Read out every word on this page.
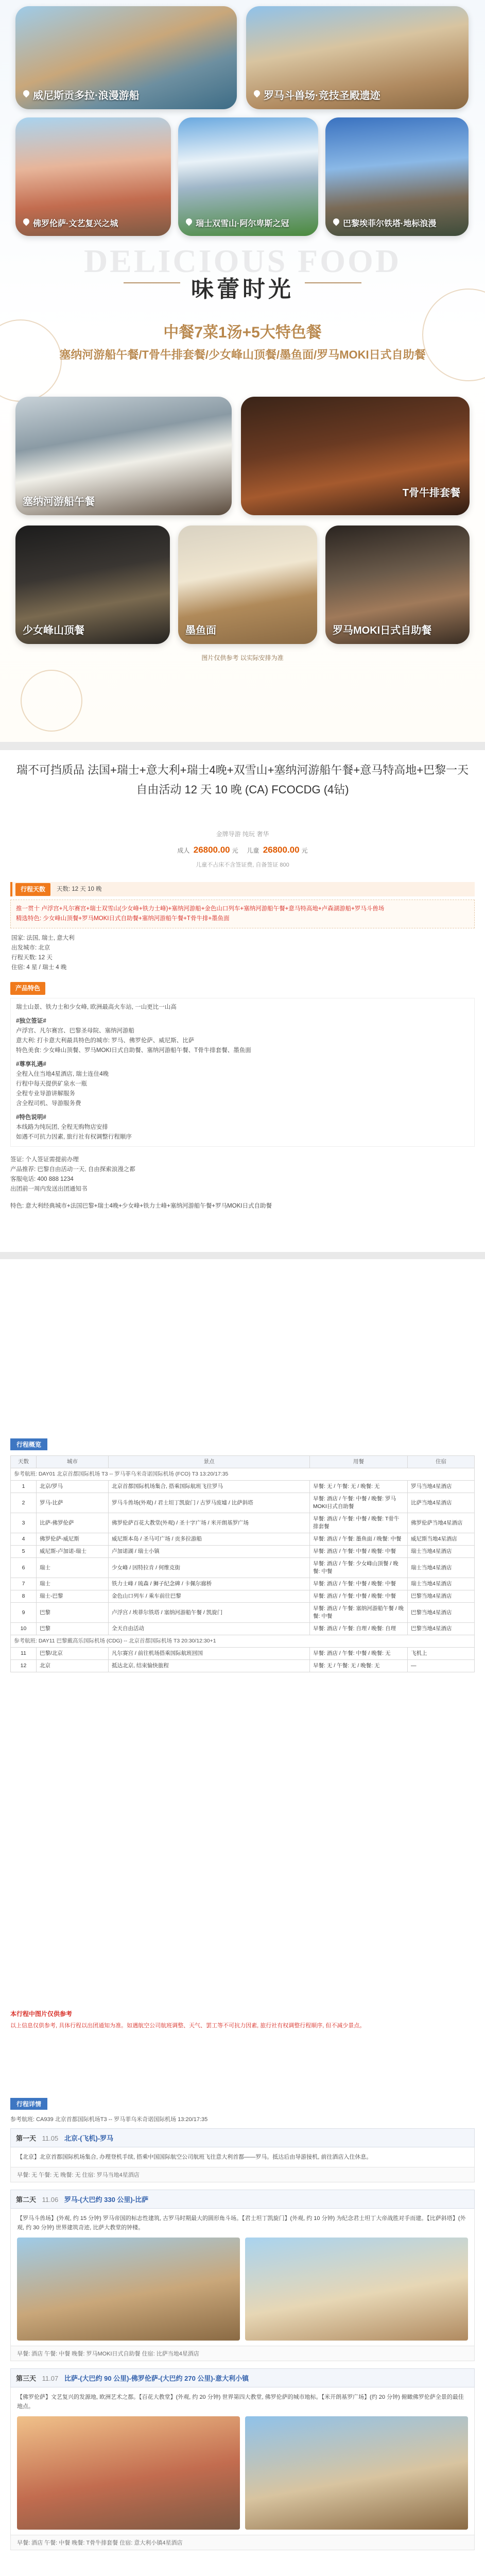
威尼斯贡多拉·浪漫游船	罗马斗兽场·竞技圣殿遗迹
佛罗伦萨·文艺复兴之城	瑞士双雪山·阿尔卑斯之冠	巴黎埃菲尔铁塔·地标浪漫
DELICIOUS FOOD
味蕾时光
中餐7菜1汤+5大特色餐
塞纳河游船午餐/T骨牛排套餐/少女峰山顶餐/墨鱼面/罗马MOKI日式自助餐
塞纳河游船午餐
T骨牛排套餐
少女峰山顶餐	墨鱼面	罗马MOKI日式自助餐
图片仅供参考 以实际安排为准
瑞不可挡质品 法国+瑞士+意大利+瑞士4晚+双雪山+塞纳河游船午餐+意马特高地+巴黎一天自由活动 12 天 10 晚 (CA) FCOCDG (4钻)
金牌导游 纯玩 奢华
成人 26800.00 元 儿童 26800.00 元
儿童不占床不含签证费, 自备签证 800
行程天数	天数: 12 天 10 晚
推一贯十 卢浮宫+凡尔赛宫+瑞士双雪山(少女峰+铁力士峰)+塞纳河游船+金色山口列车+塞纳河游船午餐+意马特高地+卢森湖游船+罗马斗兽场
精选特色: 少女峰山顶餐+罗马MOKI日式自助餐+塞纳河游船午餐+T骨牛排+墨鱼面
国家: 法国, 瑞士, 意大利
出发城市: 北京
行程天数: 12 天
住宿: 4 星 / 瑞士 4 晚
产品特色
瑞士山景、铁力士和少女峰, 欧洲最高火车站, 一山更比一山高
#独立签证#
卢浮宫、凡尔赛宫、巴黎圣母院、塞纳河游船
意大利: 打卡意大利最具特色的城市: 罗马、佛罗伦萨、威尼斯、比萨
特色美食: 少女峰山顶餐、罗马MOKI日式自助餐、塞纳河游船午餐、T骨牛排套餐、墨鱼面
#尊享礼遇#
全程入住当地4星酒店, 瑞士连住4晚
行程中每天提供矿泉水一瓶
全程专业导游讲解服务
含全程司机、导游服务费
#特色说明#
本线路为纯玩团, 全程无购物店安排
如遇不可抗力因素, 旅行社有权调整行程顺序
签证: 个人签证需提前办理
产品推荐: 巴黎自由活动一天, 自由探索浪漫之都
客服电话: 400 888 1234
出团前一周内发送出团通知书
特色: 意大利经典城市+法国巴黎+瑞士4晚+少女峰+铁力士峰+塞纳河游船午餐+罗马MOKI日式自助餐
行程概览
天数	城市	景点	用餐	住宿
参考航班: DAY01 北京首都国际机场 T3 -- 罗马菲乌米奇诺国际机场 (FCO) T3 13:20/17:35				
1	北京/罗马	北京首都国际机场集合, 搭乘国际航班飞往罗马	早餐: 无 / 午餐: 无 / 晚餐: 无	罗马当地4星酒店
2	罗马-比萨	罗马斗兽场(外观) / 君士坦丁凯旋门 / 古罗马废墟 / 比萨斜塔	早餐: 酒店 / 午餐: 中餐 / 晚餐: 罗马MOKI日式自助餐	比萨当地4星酒店
3	比萨-佛罗伦萨	佛罗伦萨百花大教堂(外观) / 圣十字广场 / 米开朗基罗广场	早餐: 酒店 / 午餐: 中餐 / 晚餐: T骨牛排套餐	佛罗伦萨当地4星酒店
4	佛罗伦萨-威尼斯	威尼斯本岛 / 圣马可广场 / 贡多拉游船	早餐: 酒店 / 午餐: 墨鱼面 / 晚餐: 中餐	威尼斯当地4星酒店
5	威尼斯-卢加诺-瑞士	卢加诺湖 / 瑞士小镇	早餐: 酒店 / 午餐: 中餐 / 晚餐: 中餐	瑞士当地4星酒店
6	瑞士	少女峰 / 因特拉肯 / 何维克街	早餐: 酒店 / 午餐: 少女峰山顶餐 / 晚餐: 中餐	瑞士当地4星酒店
7	瑞士	铁力士峰 / 琉森 / 狮子纪念碑 / 卡佩尔廊桥	早餐: 酒店 / 午餐: 中餐 / 晚餐: 中餐	瑞士当地4星酒店
8	瑞士-巴黎	金色山口列车 / 乘车前往巴黎	早餐: 酒店 / 午餐: 中餐 / 晚餐: 中餐	巴黎当地4星酒店
9	巴黎	卢浮宫 / 埃菲尔铁塔 / 塞纳河游船午餐 / 凯旋门	早餐: 酒店 / 午餐: 塞纳河游船午餐 / 晚餐: 中餐	巴黎当地4星酒店
10	巴黎	全天自由活动	早餐: 酒店 / 午餐: 自理 / 晚餐: 自理	巴黎当地4星酒店
参考航班: DAY11 巴黎戴高乐国际机场 (CDG) -- 北京首都国际机场 T3 20:30/12:30+1				
11	巴黎/北京	凡尔赛宫 / 前往机场搭乘国际航班回国	早餐: 酒店 / 午餐: 中餐 / 晚餐: 无	飞机上
12	北京	抵达北京, 结束愉快旅程	早餐: 无 / 午餐: 无 / 晚餐: 无	—
本行程中图片仅供参考
以上信息仅供参考, 具体行程以出团通知为准。如遇航空公司航班调整、天气、罢工等不可抗力因素, 旅行社有权调整行程顺序, 但不减少景点。
行程详情
参考航班: CA939 北京首都国际机场T3 -- 罗马菲乌米奇诺国际机场 13:20/17:35
第一天 11.05 北京-(飞机)-罗马
【北京】北京首都国际机场集合, 办理登机手续, 搭乘中国国际航空公司航班飞往意大利首都——罗马。抵达后由导游接机, 前往酒店入住休息。
早餐: 无 午餐: 无 晚餐: 无 住宿: 罗马当地4星酒店
第二天 11.06 罗马-(大巴约 330 公里)-比萨
【罗马斗兽场】(外观, 约 15 分钟) 罗马帝国的标志性建筑, 古罗马时期最大的圆形角斗场。【君士坦丁凯旋门】(外观, 约 10 分钟) 为纪念君士坦丁大帝战胜对手而建。【比萨斜塔】(外观, 约 30 分钟) 世界建筑奇迹, 比萨大教堂的钟楼。
早餐: 酒店 午餐: 中餐 晚餐: 罗马MOKI日式自助餐 住宿: 比萨当地4星酒店
第三天 11.07 比萨-(大巴约 90 公里)-佛罗伦萨-(大巴约 270 公里)-意大利小镇
【佛罗伦萨】文艺复兴的发源地, 欧洲艺术之都。【百花大教堂】(外观, 约 20 分钟) 世界第四大教堂, 佛罗伦萨的城市地标。【米开朗基罗广场】(约 20 分钟) 俯瞰佛罗伦萨全景的最佳地点。
早餐: 酒店 午餐: 中餐 晚餐: T骨牛排套餐 住宿: 意大利小镇4星酒店
